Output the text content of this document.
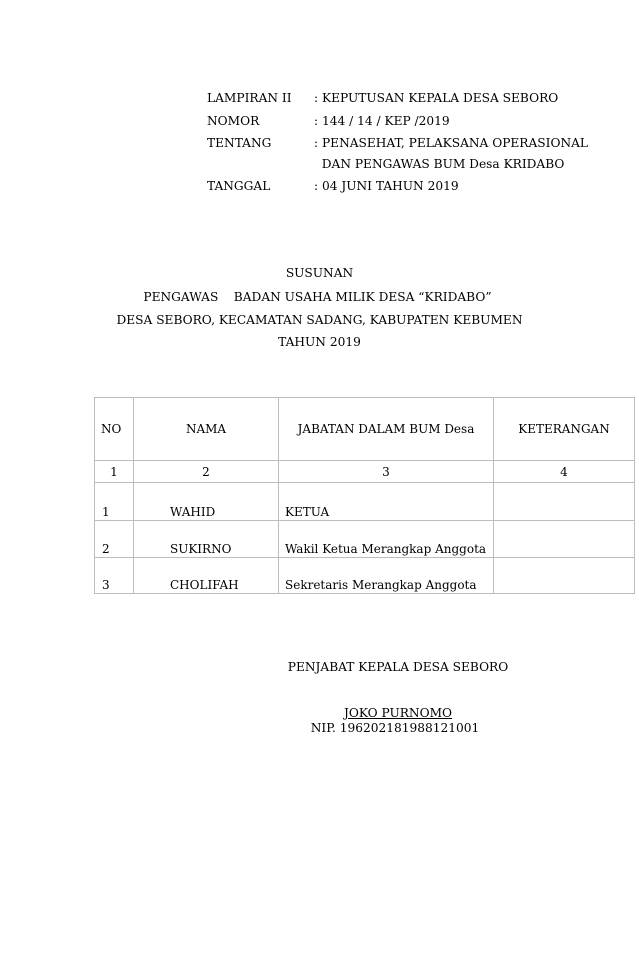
LAMPIRAN II : KEPUTUSAN KEPALA DESA SEBORO
NOMOR	: 144 / 14 / KEP /2019
TENTANG	: PENASEHAT, PELAKSANA OPERASIONAL
DAN PENGAWAS BUM Desa KRIDABO
TANGGAL	: 04 JUNI TAHUN 2019
SUSUNAN
PENGAWAS    BADAN USAHA MILIK DESA “KRIDABO”
DESA SEBORO, KECAMATAN SADANG, KABUPATEN KEBUMEN
TAHUN 2019
NO	NAMA	JABATAN DALAM BUM Desa	KETERANGAN
1	2	3	4
1	WAHID	KETUA	
2	SUKIRNO	Wakil Ketua Merangkap Anggota	
3	CHOLIFAH	Sekretaris Merangkap Anggota	
PENJABAT KEPALA DESA SEBORO
JOKO PURNOMO
NIP. 196202181988121001
